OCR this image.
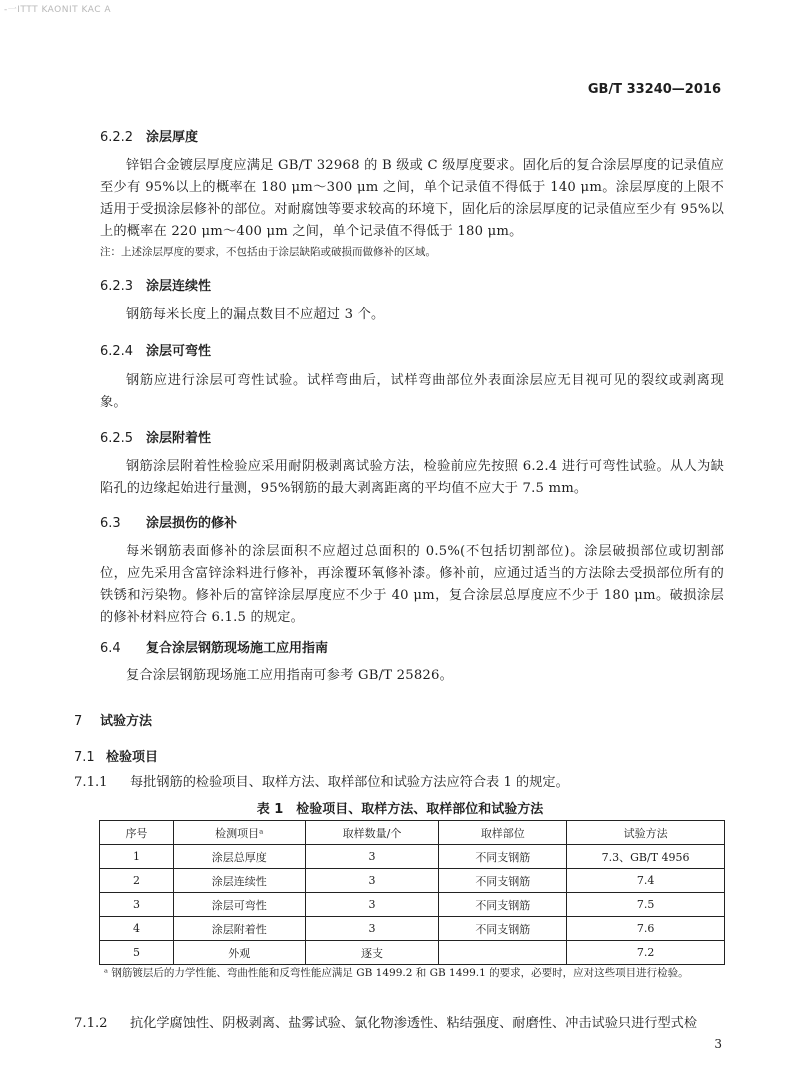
-一ITTT KAONIT KAC A
GB/T 33240—2016
6.2.2 涂层厚度
锌铝合金镀层厚度应满足 GB/T 32968 的 B 级或 C 级厚度要求。固化后的复合涂层厚度的记录值应至少有 95%以上的概率在 180 μm～300 μm 之间，单个记录值不得低于 140 μm。涂层厚度的上限不适用于受损涂层修补的部位。对耐腐蚀等要求较高的环境下，固化后的涂层厚度的记录值应至少有 95%以上的概率在 220 μm～400 μm 之间，单个记录值不得低于 180 μm。
注：上述涂层厚度的要求，不包括由于涂层缺陷或破损而做修补的区域。
6.2.3 涂层连续性
钢筋每米长度上的漏点数目不应超过 3 个。
6.2.4 涂层可弯性
钢筋应进行涂层可弯性试验。试样弯曲后，试样弯曲部位外表面涂层应无目视可见的裂纹或剥离现象。
6.2.5 涂层附着性
钢筋涂层附着性检验应采用耐阴极剥离试验方法，检验前应先按照 6.2.4 进行可弯性试验。从人为缺陷孔的边缘起始进行量测，95%钢筋的最大剥离距离的平均值不应大于 7.5 mm。
6.3 涂层损伤的修补
每米钢筋表面修补的涂层面积不应超过总面积的 0.5%(不包括切割部位)。涂层破损部位或切割部位，应先采用含富锌涂料进行修补，再涂覆环氧修补漆。修补前，应通过适当的方法除去受损部位所有的铁锈和污染物。修补后的富锌涂层厚度应不少于 40 μm，复合涂层总厚度应不少于 180 μm。破损涂层的修补材料应符合 6.1.5 的规定。
6.4 复合涂层钢筋现场施工应用指南
复合涂层钢筋现场施工应用指南可参考 GB/T 25826。
7 试验方法
7.1 检验项目
7.1.1 每批钢筋的检验项目、取样方法、取样部位和试验方法应符合表 1 的规定。
表 1　检验项目、取样方法、取样部位和试验方法
序号	检测项目ᵃ	取样数量/个	取样部位	试验方法
1	涂层总厚度	3	不同支钢筋	7.3、GB/T 4956
2	涂层连续性	3	不同支钢筋	7.4
3	涂层可弯性	3	不同支钢筋	7.5
4	涂层附着性	3	不同支钢筋	7.6
5	外观	逐支		7.2
ᵃ 钢筋镀层后的力学性能、弯曲性能和反弯性能应满足 GB 1499.2 和 GB 1499.1 的要求，必要时，应对这些项目进行检验。
7.1.2 抗化学腐蚀性、阴极剥离、盐雾试验、氯化物渗透性、粘结强度、耐磨性、冲击试验只进行型式检
3
